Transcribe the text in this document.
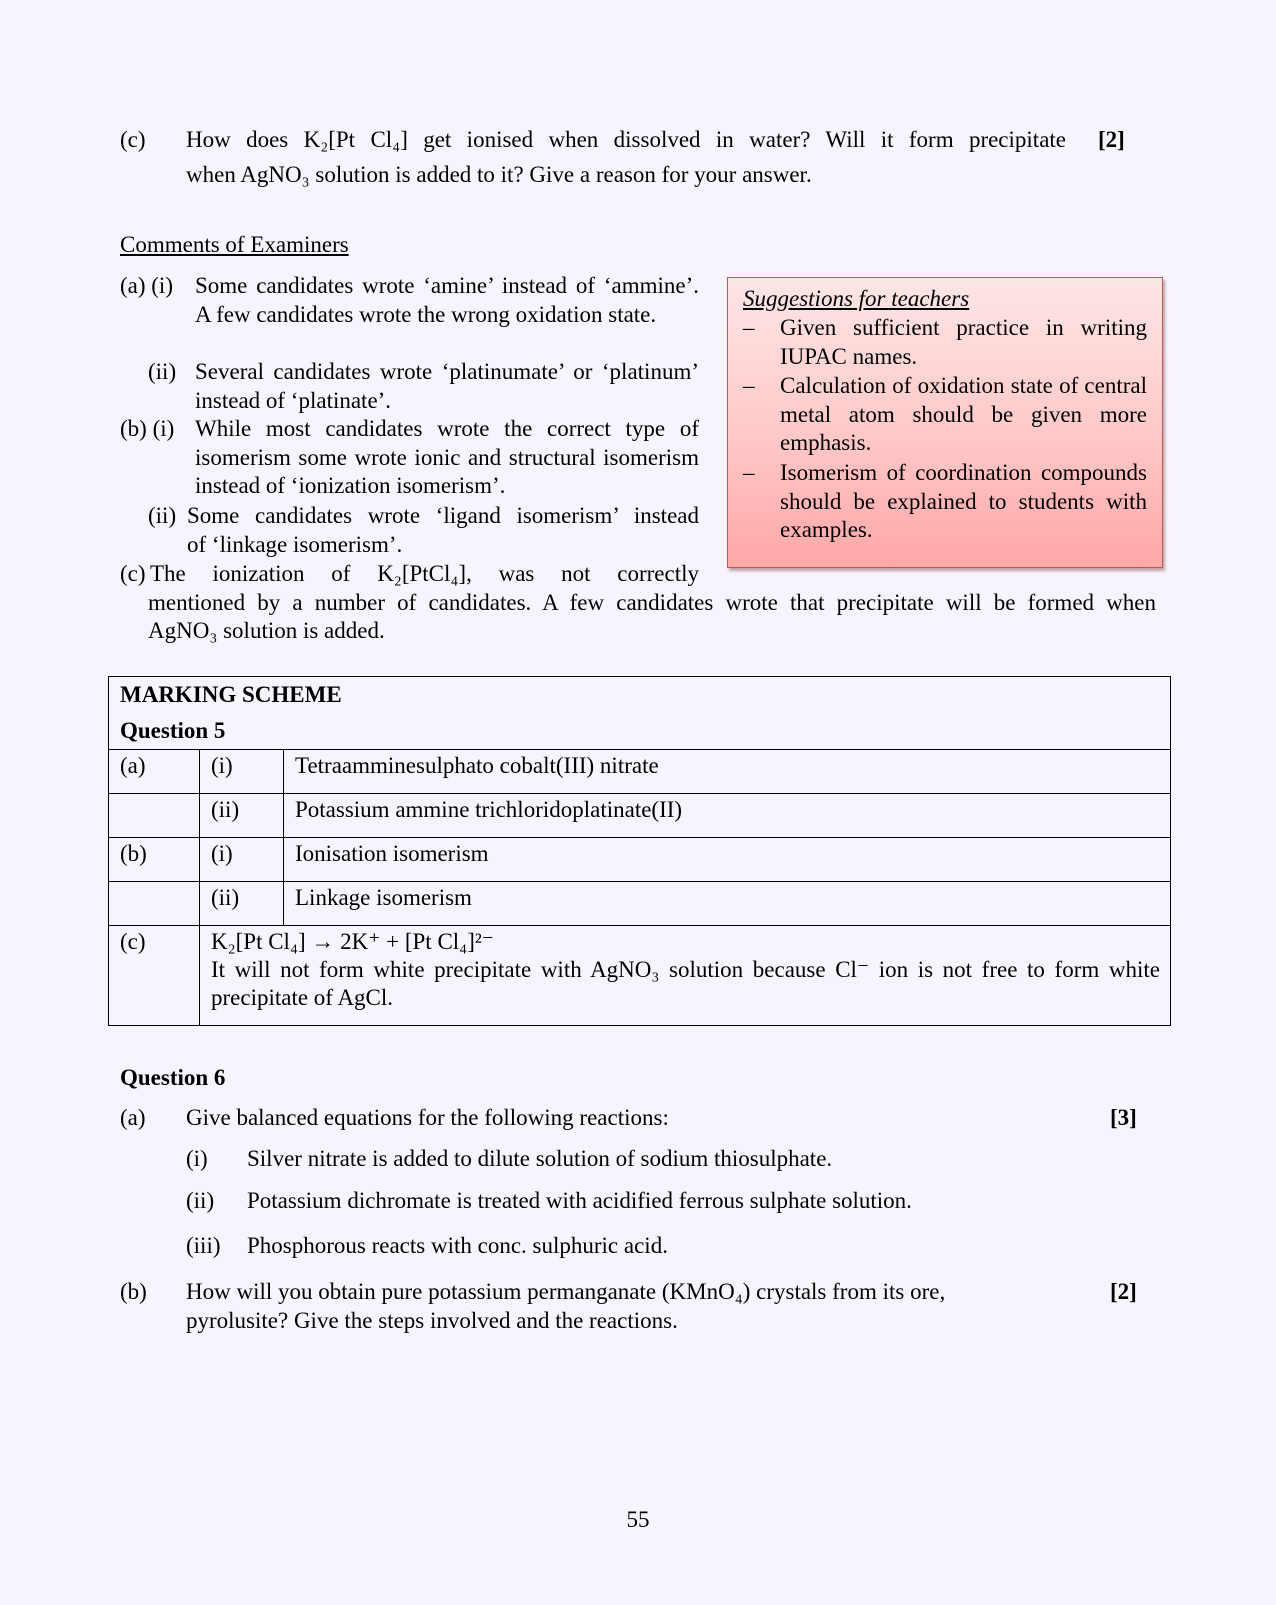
(c) How does K₂[Pt Cl₄] get ionised when dissolved in water? Will it form precipitate [2]
when AgNO₃ solution is added to it? Give a reason for your answer.
Comments of Examiners
(a) (i) Some candidates wrote ‘amine’ instead of ‘ammine’. A few candidates wrote the wrong oxidation state.
(ii) Several candidates wrote ‘platinumate’ or ‘platinum’ instead of ‘platinate’.
(b) (i) While most candidates wrote the correct type of isomerism some wrote ionic and structural isomerism instead of ‘ionization isomerism’.
(ii) Some candidates wrote ‘ligand isomerism’ instead
of ‘linkage isomerism’.
(c) The ionization of K₂[PtCl₄], was not correctly
mentioned by a number of candidates. A few candidates wrote that precipitate will be formed when
AgNO₃ solution is added.
Suggestions for teachers
– Given sufficient practice in writing IUPAC names.
– Calculation of oxidation state of central metal atom should be given more emphasis.
– Isomerism of coordination compounds should be explained to students with examples.
MARKING SCHEME
Question 5		

(a)	(i)	Tetraamminesulphato cobalt(III) nitrate
	(ii)	Potassium ammine trichloridoplatinate(II)
(b)	(i)	Ionisation isomerism
	(ii)	Linkage isomerism
(c)	K₂[Pt Cl₄] → 2K⁺ + [Pt Cl₄]²⁻
It will not form white precipitate with AgNO₃ solution because Cl⁻ ion is not free to form white precipitate of AgCl.	
Question 6
(a) Give balanced equations for the following reactions:	[3]
(i) Silver nitrate is added to dilute solution of sodium thiosulphate.
(ii) Potassium dichromate is treated with acidified ferrous sulphate solution.
(iii) Phosphorous reacts with conc. sulphuric acid.
(b) How will you obtain pure potassium permanganate (KMnO₄) crystals from its ore,
pyrolusite? Give the steps involved and the reactions.
[2]
55
